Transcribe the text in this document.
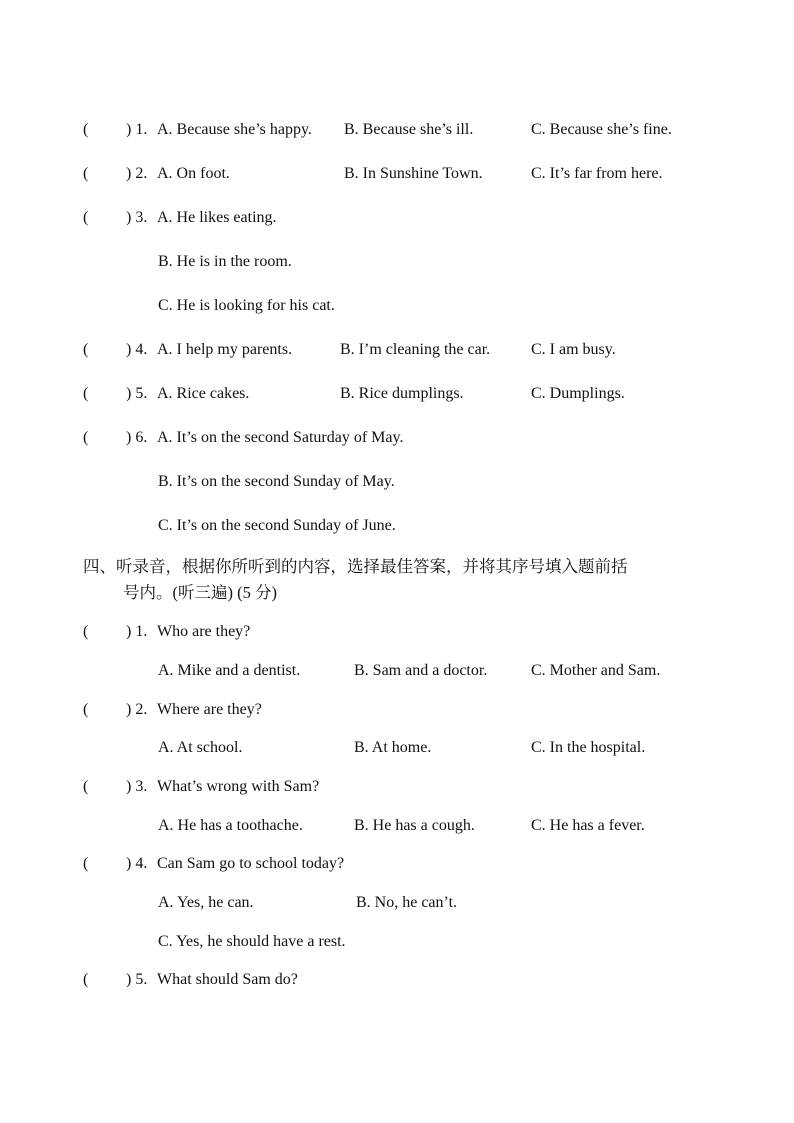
( ) 1. A. Because she’s happy. B. Because she’s ill.	C. Because she’s fine.
( ) 2. A. On foot.	B. In Sunshine Town.	C. It’s far from here.
( ) 3. A. He likes eating.
B. He is in the room.
C. He is looking for his cat.
( ) 4. A. I help my parents.	B. I’m cleaning the car.	C. I am busy.
( ) 5. A. Rice cakes.	B. Rice dumplings.	C. Dumplings.
( ) 6. A. It’s on the second Saturday of May.
B. It’s on the second Sunday of May.
C. It’s on the second Sunday of June.
四、听录音，根据你所听到的内容，选择最佳答案，并将其序号填入题前括
号内。(听三遍) (5 分)
( ) 1. Who are they?
A. Mike and a dentist.	B. Sam and a doctor.	C. Mother and Sam.
( ) 2. Where are they?
A. At school.	B. At home.	C. In the hospital.
( ) 3. What’s wrong with Sam?
A. He has a toothache.	B. He has a cough.	C. He has a fever.
( ) 4. Can Sam go to school today?
A. Yes, he can.	B. No, he can’t.
C. Yes, he should have a rest.
( ) 5. What should Sam do?
